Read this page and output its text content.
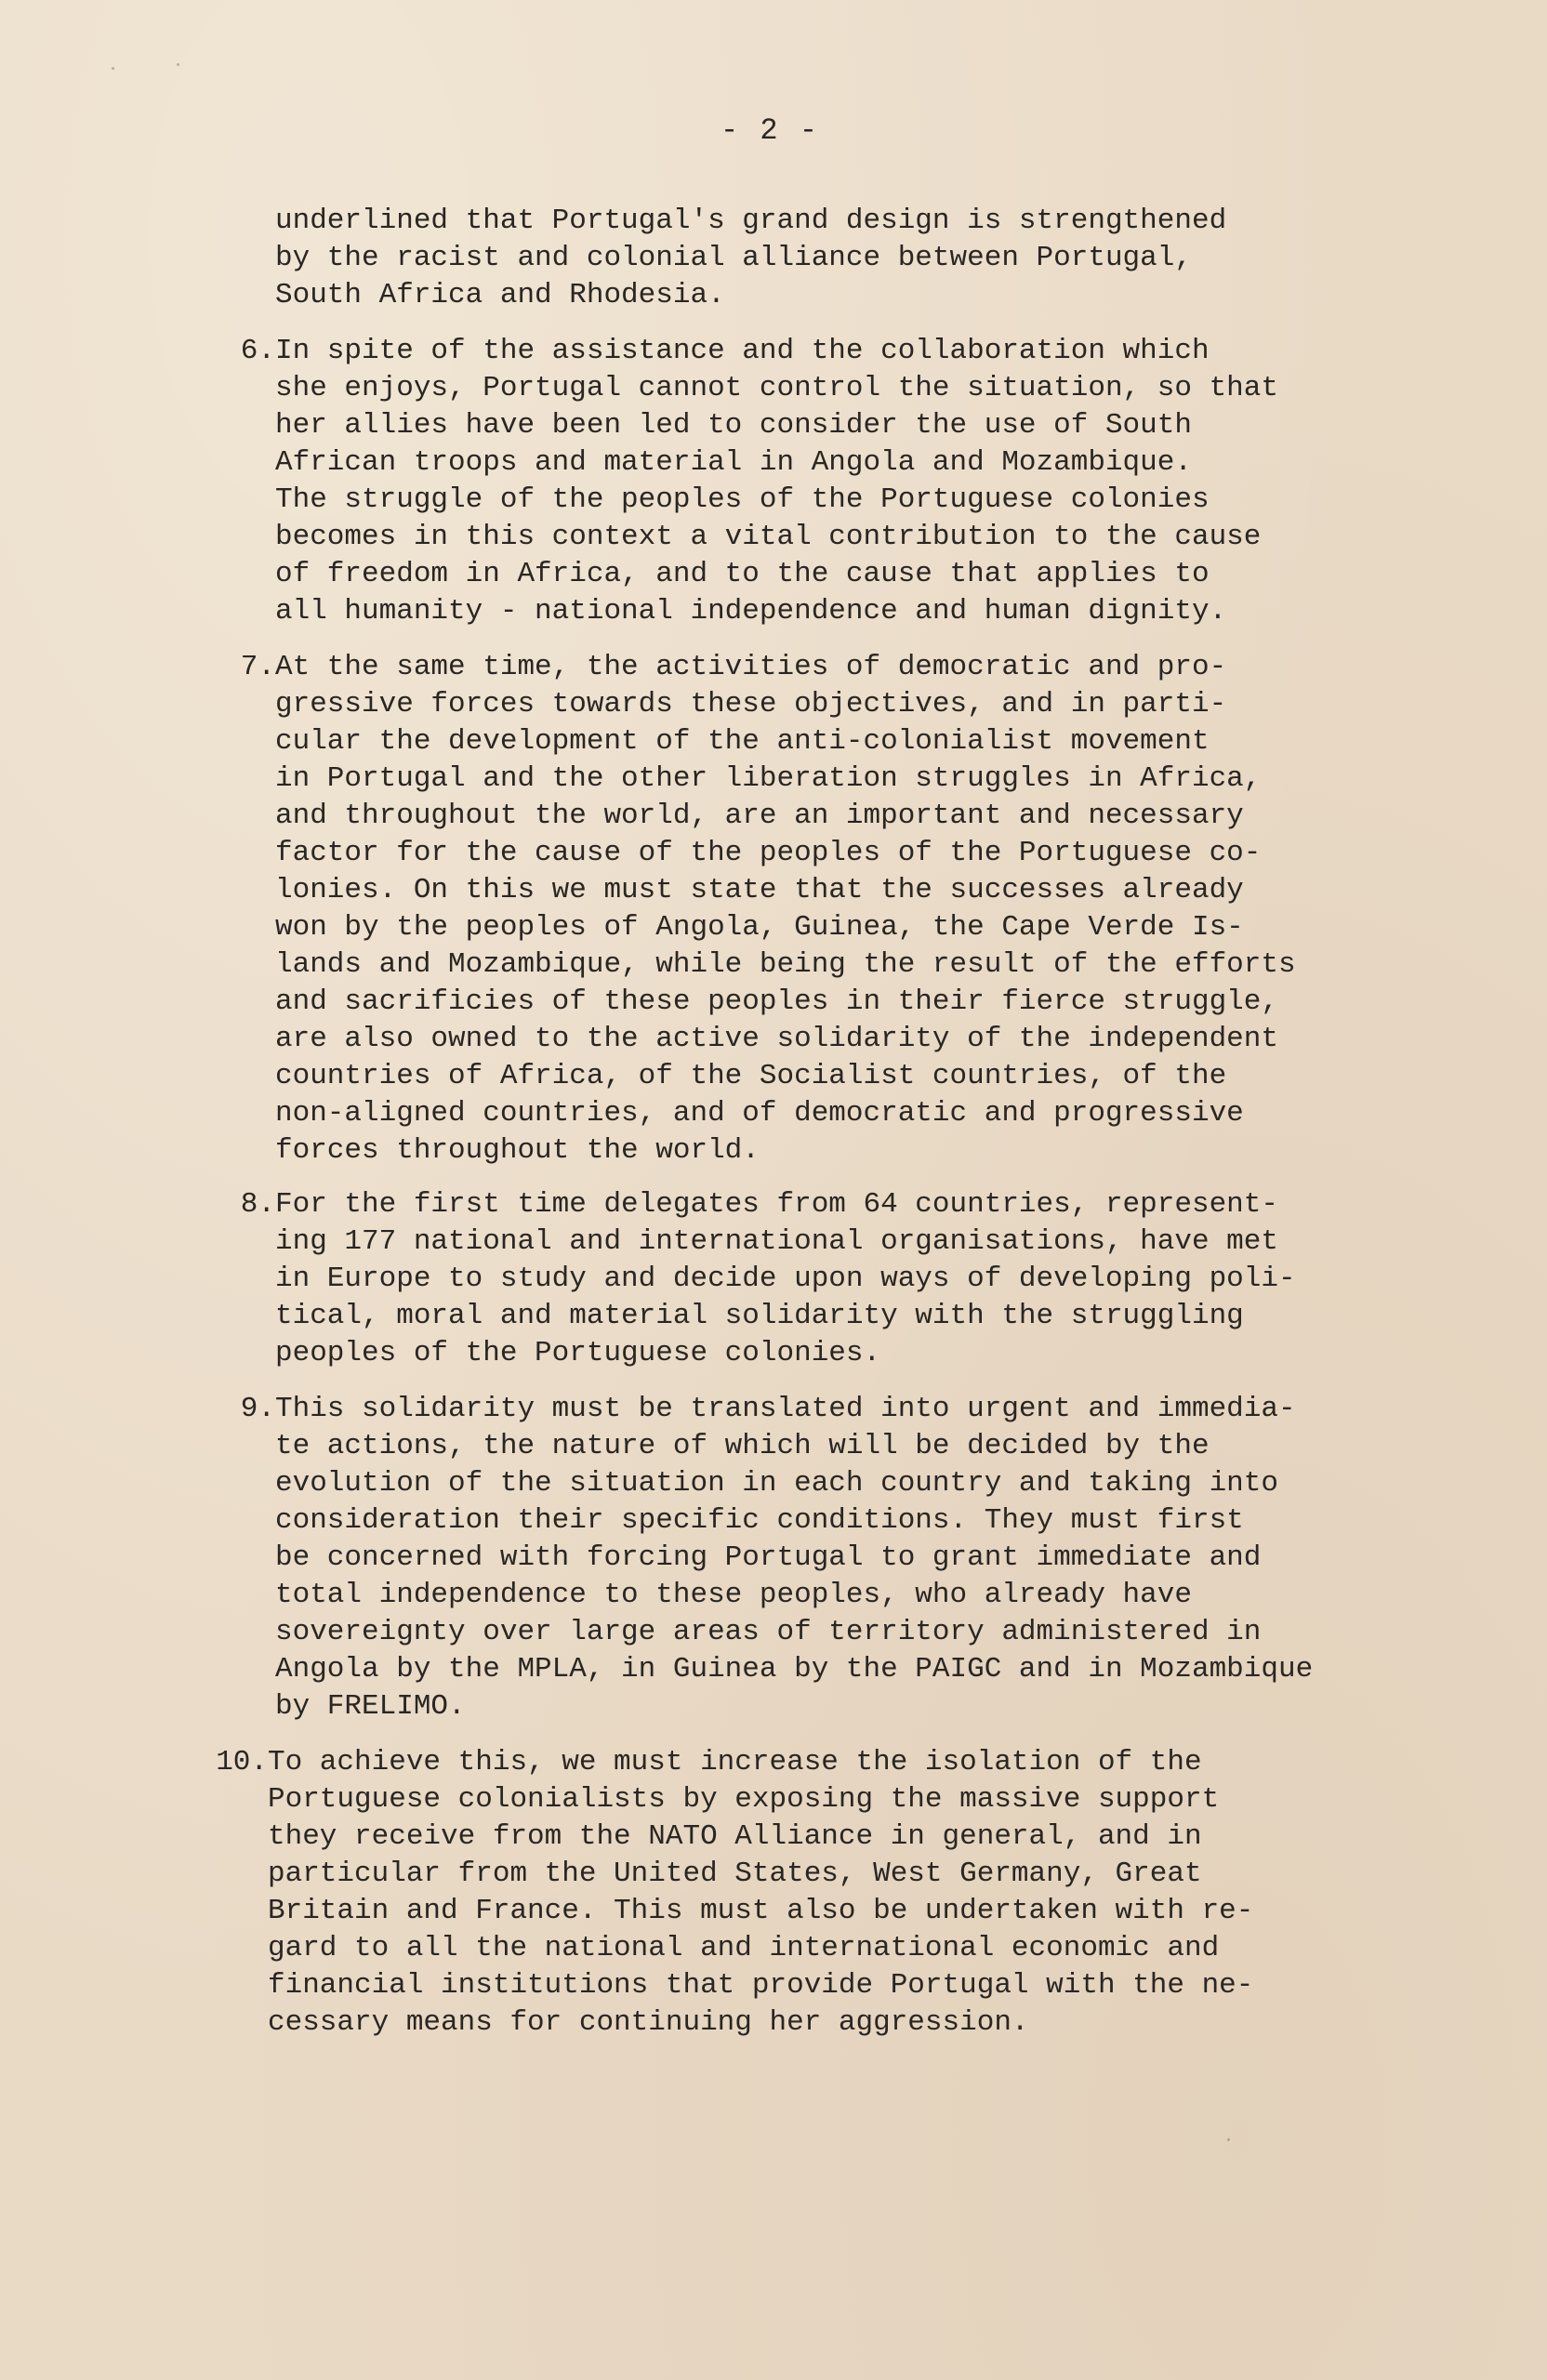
- 2 -
underlined that Portugal's grand design is strengthened
by the racist and colonial alliance between Portugal,
South Africa and Rhodesia.
6. In spite of the assistance and the collaboration which
she enjoys, Portugal cannot control the situation, so that
her allies have been led to consider the use of South
African troops and material in Angola and Mozambique.
The struggle of the peoples of the Portuguese colonies
becomes in this context a vital contribution to the cause
of freedom in Africa, and to the cause that applies to
all humanity - national independence and human dignity.
7. At the same time, the activities of democratic and pro-
gressive forces towards these objectives, and in parti-
cular the development of the anti-colonialist movement
in Portugal and the other liberation struggles in Africa,
and throughout the world, are an important and necessary
factor for the cause of the peoples of the Portuguese co-
lonies. On this we must state that the successes already
won by the peoples of Angola, Guinea, the Cape Verde Is-
lands and Mozambique, while being the result of the efforts
and sacrificies of these peoples in their fierce struggle,
are also owned to the active solidarity of the independent
countries of Africa, of the Socialist countries, of the
non-aligned countries, and of democratic and progressive
forces throughout the world.
8. For the first time delegates from 64 countries, represent-
ing 177 national and international organisations, have met
in Europe to study and decide upon ways of developing poli-
tical, moral and material solidarity with the struggling
peoples of the Portuguese colonies.
9. This solidarity must be translated into urgent and immedia-
te actions, the nature of which will be decided by the
evolution of the situation in each country and taking into
consideration their specific conditions. They must first
be concerned with forcing Portugal to grant immediate and
total independence to these peoples, who already have
sovereignty over large areas of territory administered in
Angola by the MPLA, in Guinea by the PAIGC and in Mozambique
by FRELIMO.
10. To achieve this, we must increase the isolation of the
Portuguese colonialists by exposing the massive support
they receive from the NATO Alliance in general, and in
particular from the United States, West Germany, Great
Britain and France. This must also be undertaken with re-
gard to all the national and international economic and
financial institutions that provide Portugal with the ne-
cessary means for continuing her aggression.
